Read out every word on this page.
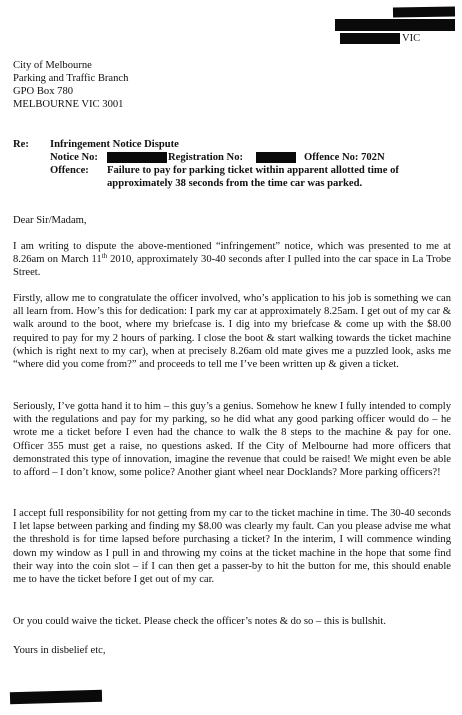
VIC
City of Melbourne
Parking and Traffic Branch
GPO Box 780
MELBOURNE VIC 3001
Re: Infringement Notice Dispute
Notice No:	Registration No:	Offence No: 702N
Offence: Failure to pay for parking ticket within apparent allotted time of
approximately 38 seconds from the time car was parked.
Dear Sir/Madam,

I am writing to dispute the above-mentioned “infringement” notice, which was presented to me at 8.26am on March 11th 2010, approximately 30-40 seconds after I pulled into the car space in La Trobe Street.

Firstly, allow me to congratulate the officer involved, who’s application to his job is something we can all learn from. How’s this for dedication: I park my car at approximately 8.25am. I get out of my car & walk around to the boot, where my briefcase is. I dig into my briefcase & come up with the $8.00 required to pay for my 2 hours of parking. I close the boot & start walking towards the ticket machine (which is right next to my car), when at precisely 8.26am old mate gives me a puzzled look, asks me “where did you come from?” and proceeds to tell me I’ve been written up & given a ticket.

Seriously, I’ve gotta hand it to him – this guy’s a genius. Somehow he knew I fully intended to comply with the regulations and pay for my parking, so he did what any good parking officer would do – he wrote me a ticket before I even had the chance to walk the 8 steps to the machine & pay for one. Officer 355 must get a raise, no questions asked. If the City of Melbourne had more officers that demonstrated this type of innovation, imagine the revenue that could be raised! We might even be able to afford – I don’t know, some police? Another giant wheel near Docklands? More parking officers?!

I accept full responsibility for not getting from my car to the ticket machine in time. The 30-40 seconds I let lapse between parking and finding my $8.00 was clearly my fault. Can you please advise me what the threshold is for time lapsed before purchasing a ticket? In the interim, I will commence winding down my window as I pull in and throwing my coins at the ticket machine in the hope that some find their way into the coin slot – if I can then get a passer-by to hit the button for me, this should enable me to have the ticket before I get out of my car.

Or you could waive the ticket. Please check the officer’s notes & do so – this is bullshit.

Yours in disbelief etc,
